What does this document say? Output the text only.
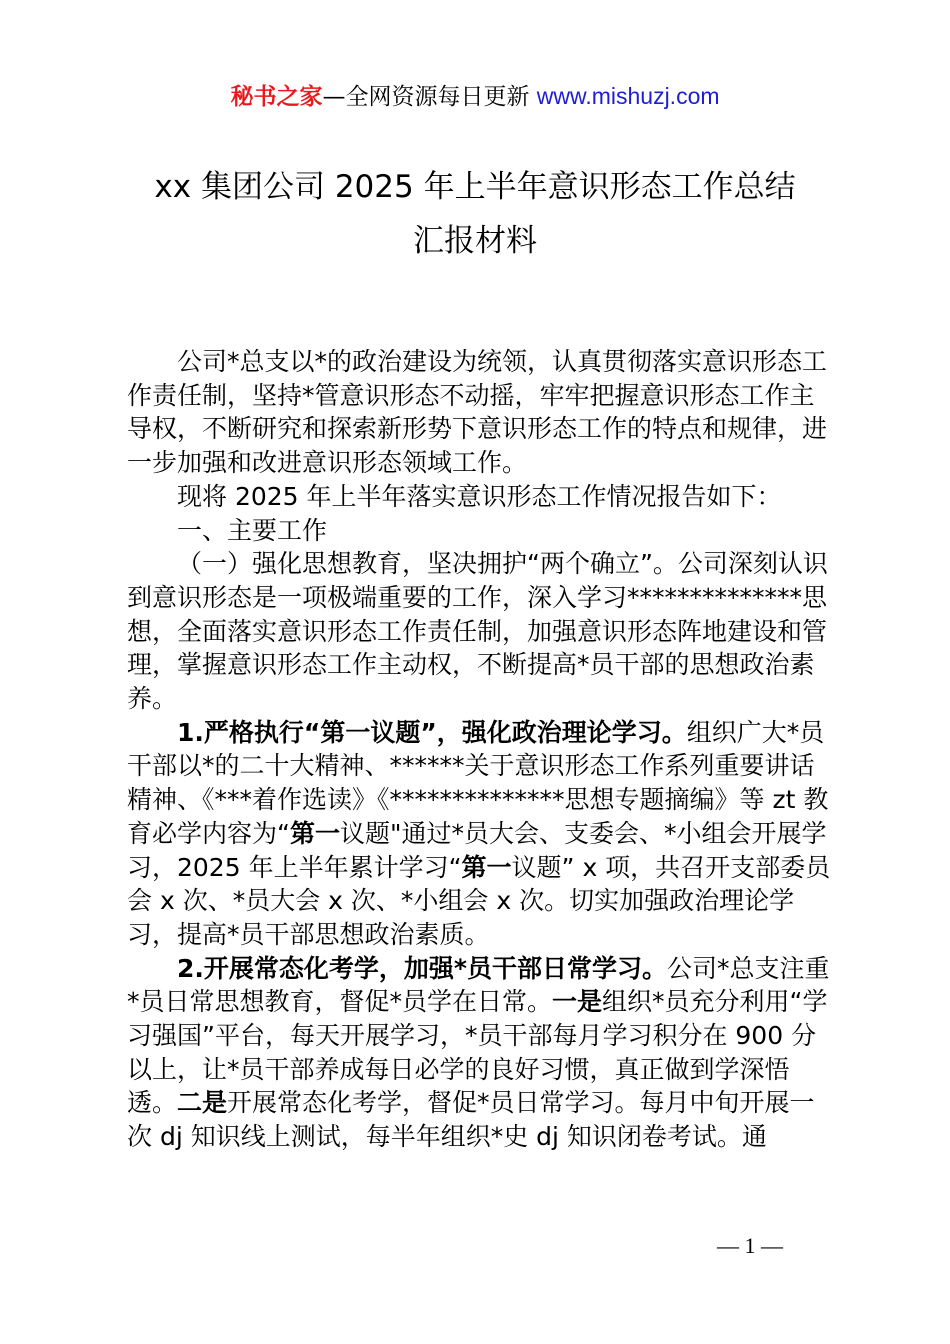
秘书之家—全网资源每日更新 www.mishuzj.com
xx 集团公司 2025 年上半年意识形态工作总结
汇报材料

公司*总支以*的政治建设为统领，认真贯彻落实意识形态工作责任制，坚持*管意识形态不动摇，牢牢把握意识形态工作主导权，不断研究和探索新形势下意识形态工作的特点和规律，进一步加强和改进意识形态领域工作。

现将 2025 年上半年落实意识形态工作情况报告如下：

一、主要工作

（一）强化思想教育，坚决拥护“两个确立”。公司深刻认识到意识形态是一项极端重要的工作，深入学习**************思想，全面落实意识形态工作责任制，加强意识形态阵地建设和管理，掌握意识形态工作主动权，不断提高*员干部的思想政治素养。

1.严格执行“第一议题”，强化政治理论学习。组织广大*员干部以*的二十大精神、******关于意识形态工作系列重要讲话精神、《***着作选读》《**************思想专题摘编》等 zt 教育必学内容为“第一议题"通过*员大会、支委会、*小组会开展学习，2025 年上半年累计学习“第一议题” x 项，共召开支部委员会 x 次、*员大会 x 次、*小组会 x 次。切实加强政治理论学习，提高*员干部思想政治素质。

2.开展常态化考学，加强*员干部日常学习。公司*总支注重*员日常思想教育，督促*员学在日常。一是组织*员充分利用“学习强国”平台，每天开展学习，*员干部每月学习积分在 900 分以上，让*员干部养成每日必学的良好习惯，真正做到学深悟透。二是开展常态化考学，督促*员日常学习。每月中旬开展一次 dj 知识线上测试，每半年组织*史 dj 知识闭卷考试。通

— 1 —
